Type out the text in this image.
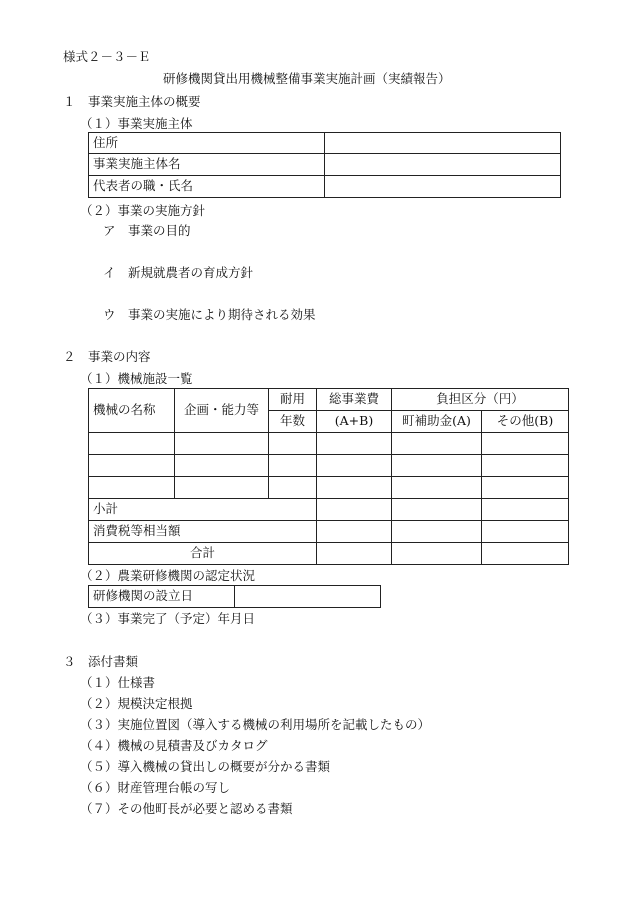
様式２－３－Ｅ
研修機関貸出用機械整備事業実施計画（実績報告）
１　事業実施主体の概要
（１）事業実施主体
住所	
事業実施主体名	
代表者の職・氏名	
（２）事業の実施方針
ア　事業の目的
イ　新規就農者の育成方針
ウ　事業の実施により期待される効果
２　事業の内容
（１）機械施設一覧
機械の名称	企画・能力等	耐用	総事業費	負担区分（円）	
		年数	(A+B)	町補助金(A)	その他(B)

小計					
消費税等相当額					
合計					
（２）農業研修機関の認定状況
研修機関の設立日	
（３）事業完了（予定）年月日
３　添付書類
（１）仕様書
（２）規模決定根拠
（３）実施位置図（導入する機械の利用場所を記載したもの）
（４）機械の見積書及びカタログ
（５）導入機械の貸出しの概要が分かる書類
（６）財産管理台帳の写し
（７）その他町長が必要と認める書類
